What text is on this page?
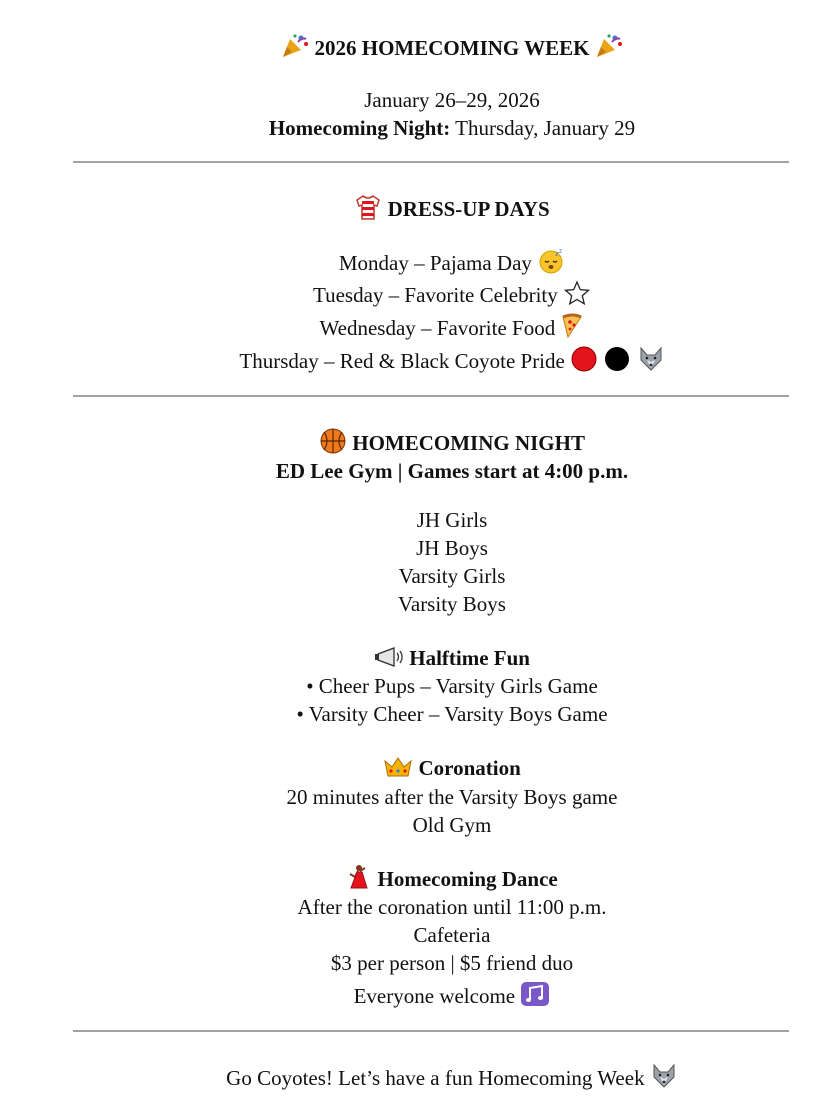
2026 HOMECOMING WEEK
January 26–29, 2026
Homecoming Night: Thursday, January 29
DRESS-UP DAYS
Monday – Pajama Day	z z
Tuesday – Favorite Celebrity
Wednesday – Favorite Food
Thursday – Red & Black Coyote Pride

HOMECOMING NIGHT
ED Lee Gym | Games start at 4:00 p.m.
JH Girls
JH Boys
Varsity Girls
Varsity Boys
Halftime Fun
• Cheer Pups – Varsity Girls Game
• Varsity Cheer – Varsity Boys Game
Coronation
20 minutes after the Varsity Boys game
Old Gym
Homecoming Dance
After the coronation until 11:00 p.m.
Cafeteria
$3 per person | $5 friend duo
Everyone welcome
Go Coyotes! Let’s have a fun Homecoming Week
